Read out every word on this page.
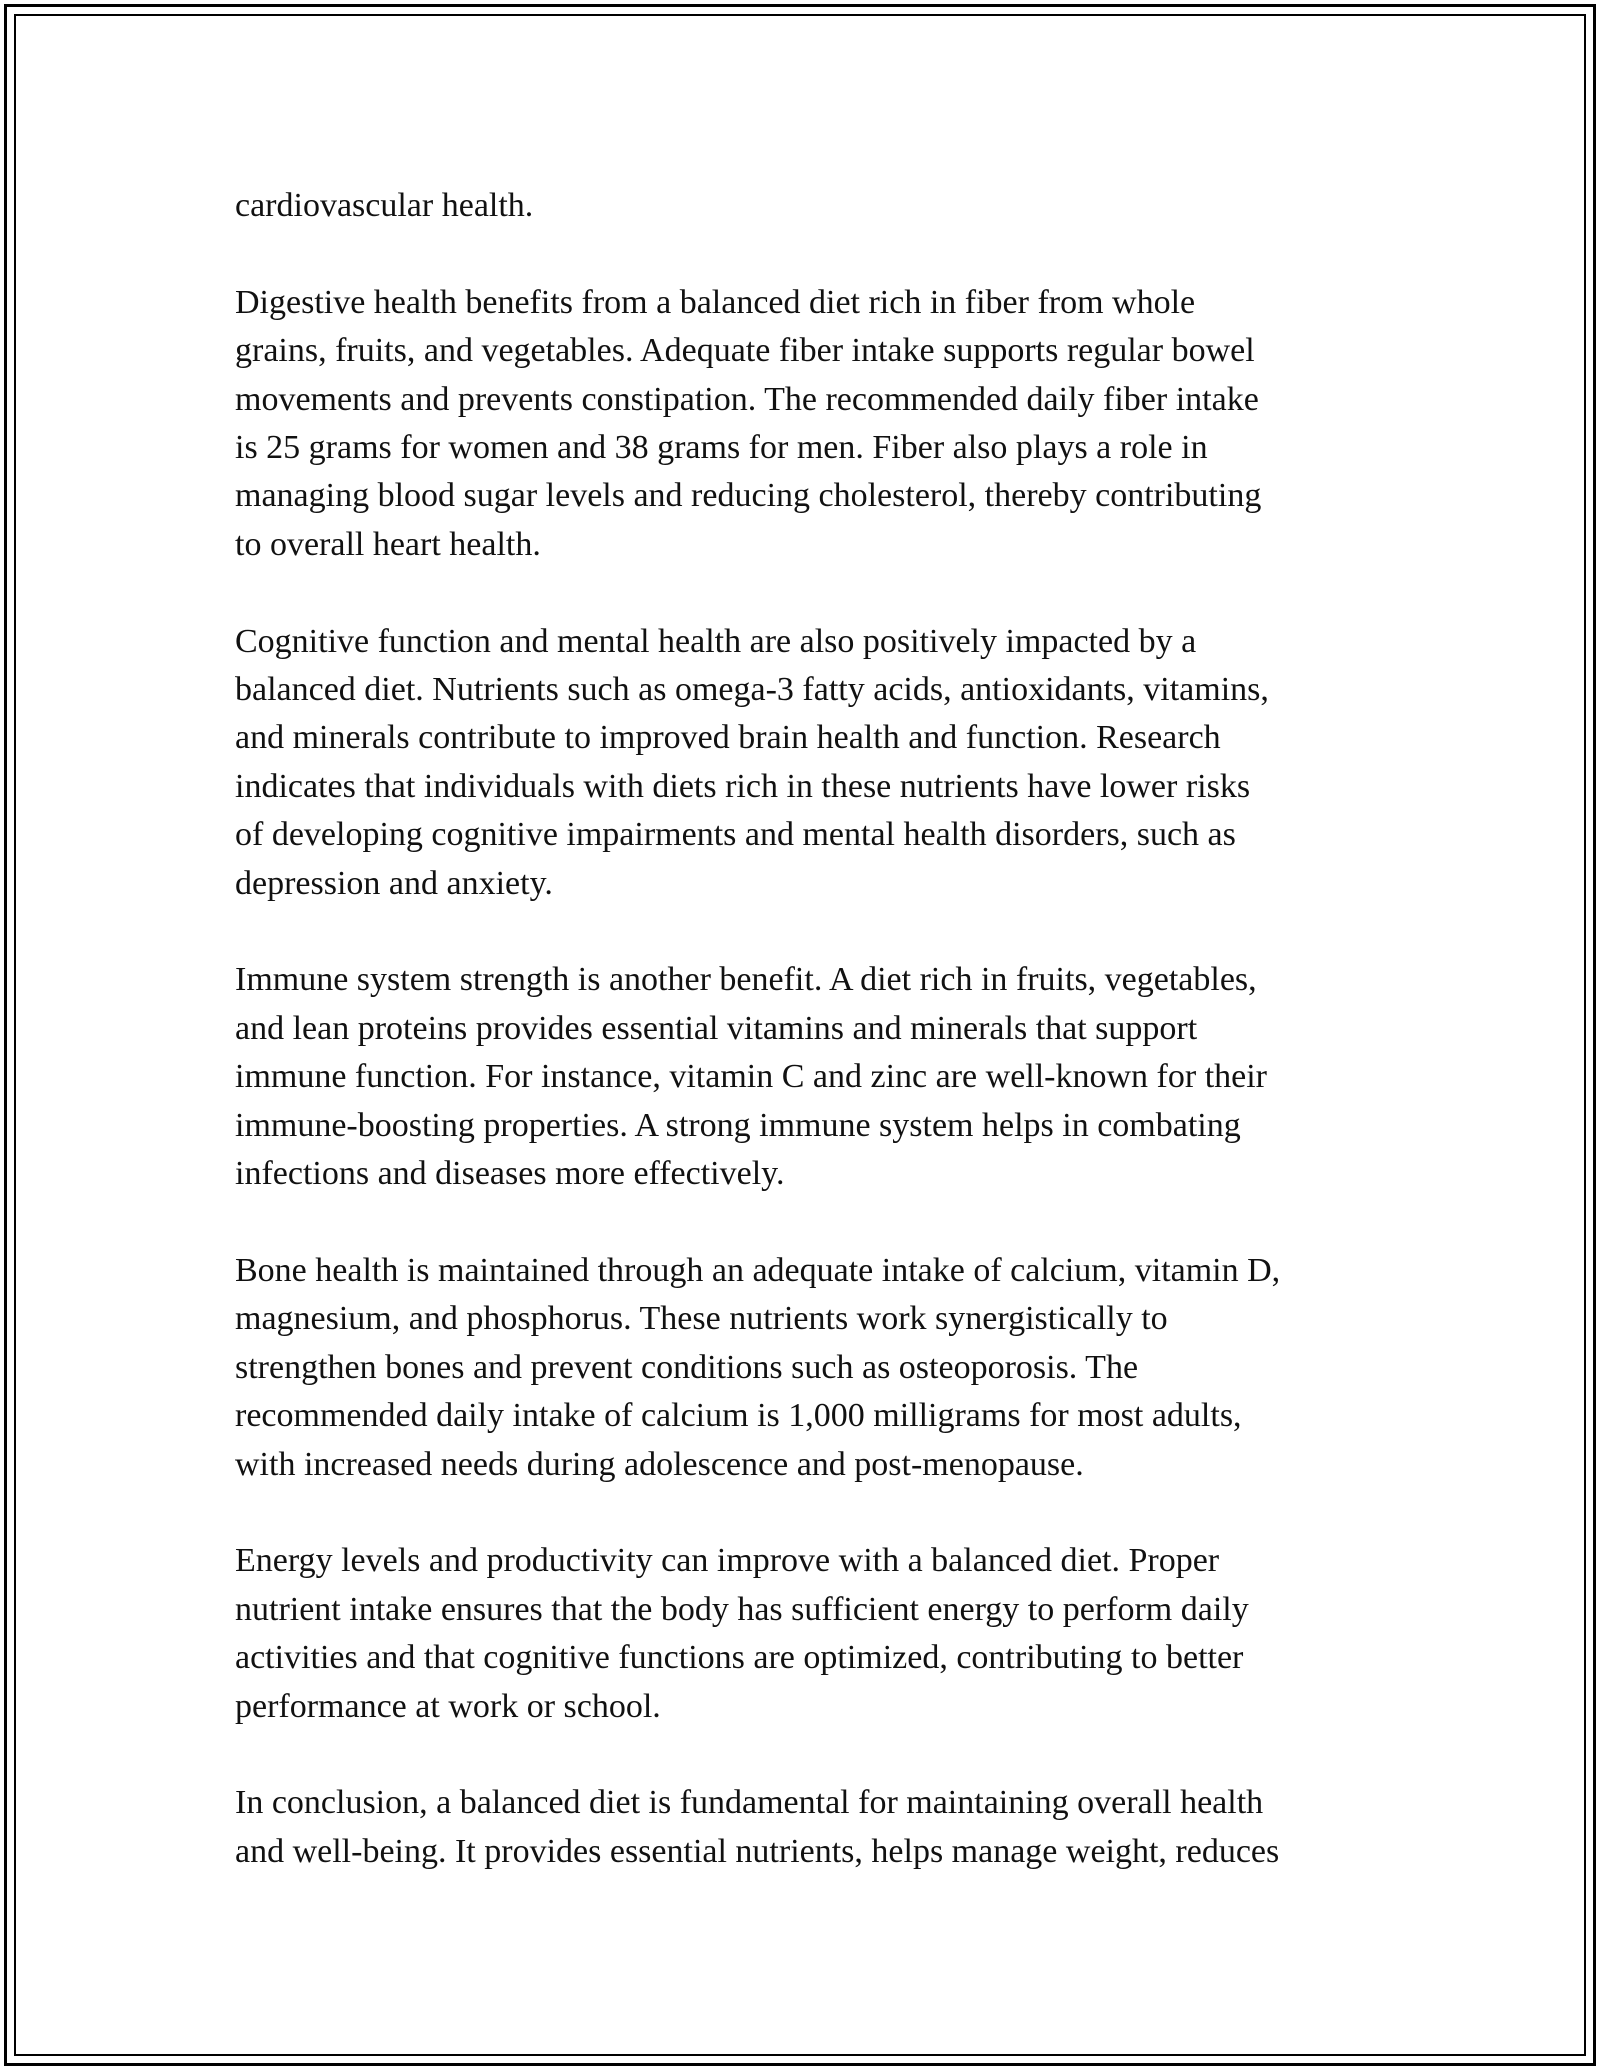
cardiovascular health.

Digestive health benefits from a balanced diet rich in fiber from whole
grains, fruits, and vegetables. Adequate fiber intake supports regular bowel
movements and prevents constipation. The recommended daily fiber intake
is 25 grams for women and 38 grams for men. Fiber also plays a role in
managing blood sugar levels and reducing cholesterol, thereby contributing
to overall heart health.

Cognitive function and mental health are also positively impacted by a
balanced diet. Nutrients such as omega-3 fatty acids, antioxidants, vitamins,
and minerals contribute to improved brain health and function. Research
indicates that individuals with diets rich in these nutrients have lower risks
of developing cognitive impairments and mental health disorders, such as
depression and anxiety.

Immune system strength is another benefit. A diet rich in fruits, vegetables,
and lean proteins provides essential vitamins and minerals that support
immune function. For instance, vitamin C and zinc are well-known for their
immune-boosting properties. A strong immune system helps in combating
infections and diseases more effectively.

Bone health is maintained through an adequate intake of calcium, vitamin D,
magnesium, and phosphorus. These nutrients work synergistically to
strengthen bones and prevent conditions such as osteoporosis. The
recommended daily intake of calcium is 1,000 milligrams for most adults,
with increased needs during adolescence and post-menopause.

Energy levels and productivity can improve with a balanced diet. Proper
nutrient intake ensures that the body has sufficient energy to perform daily
activities and that cognitive functions are optimized, contributing to better
performance at work or school.

In conclusion, a balanced diet is fundamental for maintaining overall health
and well-being. It provides essential nutrients, helps manage weight, reduces
